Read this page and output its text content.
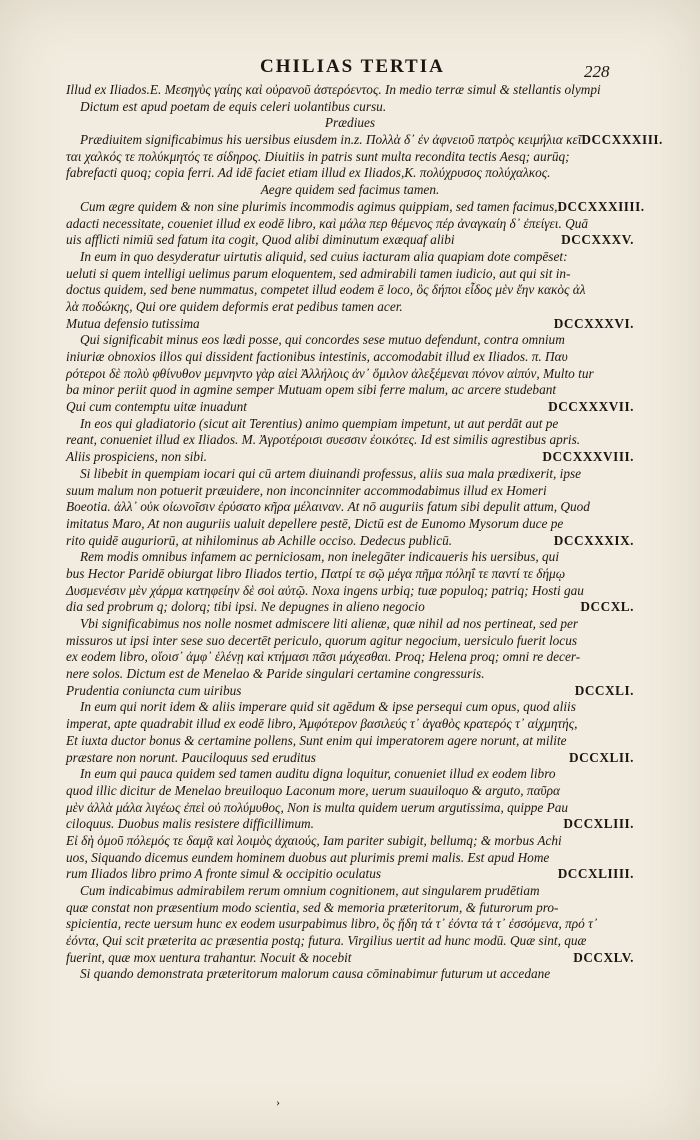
CHILIAS TERTIA	228
Illud ex Iliados.E. Μεσηγὺς γαίης καὶ οὐρανοῦ ἀστερόεντος. In medio terræ simul & stellantis olympi
Dictum est apud poetam de equis celeri uolantibus cursu.
Prædiues
Prædiuitem significabimus his uersibus eiusdem in.z. Πολλὰ δ᾽ ἐν ἀφνειοῦ πατρὸς κειμήλια κεῖ DCCXXXIII.
ται χαλκός τε πολύκμητός τε σίδηρος. Diuitiis in patris sunt multa recondita tectis Aesq; aurūq;
fabrefacti quoq; copia ferri. Ad idē faciet etiam illud ex Iliados,K. πολύχρυσος πολύχαλκος.
Aegre quidem sed facimus tamen.
Cum ægre quidem & non sine plurimis incommodis agimus quippiam, sed tamen facimus, DCCXXXIIII.
adacti necessitate, coueniet illud ex eodē libro, καὶ μάλα περ θέμενος πέρ ἀναγκαίη δ᾽ ἐπείγει. Quā
uis afflicti nimiū sed fatum ita cogit, Quod alibi diminutum exæquaf alibi	DCCXXXV.
In eum in quo desyderatur uirtutis aliquid, sed cuius iacturam alia quapiam dote compēset:
ueluti si quem intelligi uelimus parum eloquentem, sed admirabili tamen iudicio, aut qui sit in-
doctus quidem, sed bene nummatus, competet illud eodem ē loco, ὃς δήποι εἶδος μὲν ἔην κακὸς ἀλ
λὰ ποδώκης, Qui ore quidem deformis erat pedibus tamen acer.
Mutua defensio tutissima	DCCXXXVI.
Qui significabit minus eos lædi posse, qui concordes sese mutuo defendunt, contra omnium
iniuriæ obnoxios illos qui dissident factionibus intestinis, accomodabit illud ex Iliados. π. Παυ
ρότεροι δὲ πολὺ φθίνυθον μεμνηντο γὰρ αἰεὶ Ἀλλήλοις ἀν᾽ ὅμιλον ἀλεξέμεναι πόνον αἰπύν, Multo tur
ba minor periit quod in agmine semper Mutuam opem sibi ferre malum, ac arcere studebant
Qui cum contemptu uitæ inuadunt	DCCXXXVII.
In eos qui gladiatorio (sicut ait Terentius) animo quempiam impetunt, ut aut perdāt aut pe
reant, conueniet illud ex Iliados. M. Ἀγροτέροισι συεσσιν ἐοικότες. Id est similis agrestibus apris.
Aliis prospiciens, non sibi.	DCCXXXVIII.
Si libebit in quempiam iocari qui cū artem diuinandi professus, aliis sua mala prædixerit, ipse
suum malum non potuerit præuidere, non inconcinniter accommodabimus illud ex Homeri
Boeotia. ἀλλ᾽ οὐκ οἰωνοῖσιν ἐρύσατο κῆρα μέλαιναν. At nō auguriis fatum sibi depulit attum, Quod
imitatus Maro, At non auguriis ualuit depellere pestē, Dictū est de Eunomo Mysorum duce pe
rito quidē auguriorū, at nihilominus ab Achille occiso. Dedecus publicū.	DCCXXXIX.
Rem modis omnibus infamem ac perniciosam, non inelegāter indicaueris his uersibus, qui
bus Hector Paridē obiurgat libro Iliados tertio, Πατρί τε σῷ μέγα πῆμα πόληΐ τε παντί τε δήμῳ
Δυσμενέσιν μὲν χάρμα κατηφείην δὲ σοὶ αὐτῷ. Noxa ingens urbiq; tuæ populoq; patriq; Hosti gau
dia sed probrum q; dolorq; tibi ipsi. Ne depugnes in alieno negocio	DCCXL.
Vbi significabimus nos nolle nosmet admiscere liti alienæ, quæ nihil ad nos pertineat, sed per
missuros ut ipsi inter sese suo decertēt periculo, quorum agitur negocium, uersiculo fuerit locus
ex eodem libro, οἴοισ᾽ ἀμφ᾽ ἑλένῃ καὶ κτήμασι πᾶσι μάχεσθαι. Proq; Helena proq; omni re decer-
nere solos. Dictum est de Menelao & Paride singulari certamine congressuris.
Prudentia coniuncta cum uiribus	DCCXLI.
In eum qui norit idem & aliis imperare quid sit agēdum & ipse persequi cum opus, quod aliis
imperat, apte quadrabit illud ex eodē libro, Ἀμφότερον βασιλεύς τ᾽ ἀγαθὸς κρατερός τ᾽ αἰχμητής,
Et iuxta ductor bonus & certamine pollens, Sunt enim qui imperatorem agere norunt, at milite
præstare non norunt. Pauciloquus sed eruditus	DCCXLII.
In eum qui pauca quidem sed tamen auditu digna loquitur, conueniet illud ex eodem libro
quod illic dicitur de Menelao breuiloquo Laconum more, uerum suauiloquo & arguto, παῦρα
μὲν ἀλλὰ μάλα λιγέως ἐπεὶ οὐ πολύμυθος, Non is multa quidem uerum argutissima, quippe Pau
ciloquus. Duobus malis resistere difficillimum.	DCCXLIII.
Εἰ δὴ ὁμοῦ πόλεμός τε δαμᾷ καὶ λοιμὸς ἀχαιούς, Iam pariter subigit, bellumq; & morbus Achi
uos, Siquando dicemus eundem hominem duobus aut plurimis premi malis. Est apud Home
rum Iliados libro primo A fronte simul & occipitio oculatus	DCCXLIIII.
Cum indicabimus admirabilem rerum omnium cognitionem, aut singularem prudētiam
quæ constat non præsentium modo scientia, sed & memoria præteritorum, & futurorum pro-
spicientia, recte uersum hunc ex eodem usurpabimus libro, ὃς ᾔδη τά τ᾽ ἐόντα τά τ᾽ ἐσσόμενα, πρό τ᾽
ἐόντα, Qui scit præterita ac præsentia postq; futura. Virgilius uertit ad hunc modū. Quæ sint, quæ
fuerint, quæ mox uentura trahantur. Nocuit & nocebit	DCCXLV.
Si quando demonstrata præteritorum malorum causa cōminabimur futurum ut accedane
›
